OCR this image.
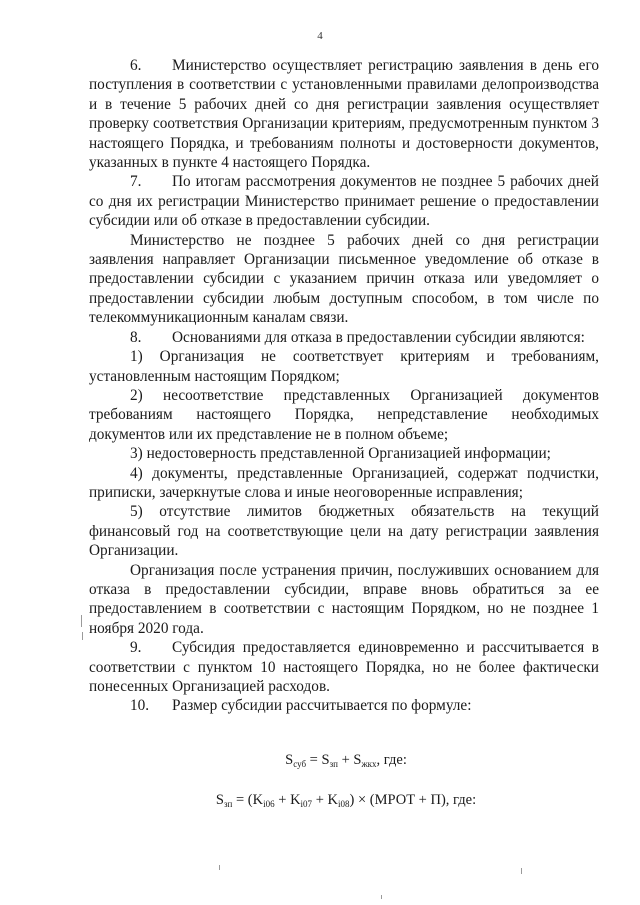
4

6. Министерство осуществляет регистрацию заявления в день его поступления в соответствии с установленными правилами делопроизводства и в течение 5 рабочих дней со дня регистрации заявления осуществляет проверку соответствия Организации критериям, предусмотренным пунктом 3 настоящего Порядка, и требованиям полноты и достоверности документов, указанных в пункте 4 настоящего Порядка.

7. По итогам рассмотрения документов не позднее 5 рабочих дней со дня их регистрации Министерство принимает решение о предоставлении субсидии или об отказе в предоставлении субсидии.

Министерство не позднее 5 рабочих дней со дня регистрации заявления направляет Организации письменное уведомление об отказе в предоставлении субсидии с указанием причин отказа или уведомляет о предоставлении субсидии любым доступным способом, в том числе по телекоммуникационным каналам связи.

8. Основаниями для отказа в предоставлении субсидии являются:

1) Организация не соответствует критериям и требованиям, установленным настоящим Порядком;

2) несоответствие представленных Организацией документов требованиям настоящего Порядка, непредставление необходимых документов или их представление не в полном объеме;

3) недостоверность представленной Организацией информации;

4) документы, представленные Организацией, содержат подчистки, приписки, зачеркнутые слова и иные неоговоренные исправления;

5) отсутствие лимитов бюджетных обязательств на текущий финансовый год на соответствующие цели на дату регистрации заявления Организации.

Организация после устранения причин, послуживших основанием для отказа в предоставлении субсидии, вправе вновь обратиться за ее предоставлением в соответствии с настоящим Порядком, но не позднее 1 ноября 2020 года.

9. Субсидия предоставляется единовременно и рассчитывается в соответствии с пунктом 10 настоящего Порядка, но не более фактически понесенных Организацией расходов.

10. Размер субсидии рассчитывается по формуле:

$S_{суб} = S_{зп} + S_{жкх}$, где:
$S_{зп} = (K_{i06} + K_{i07} + K_{i08})$ × (МРОТ + П), где:
